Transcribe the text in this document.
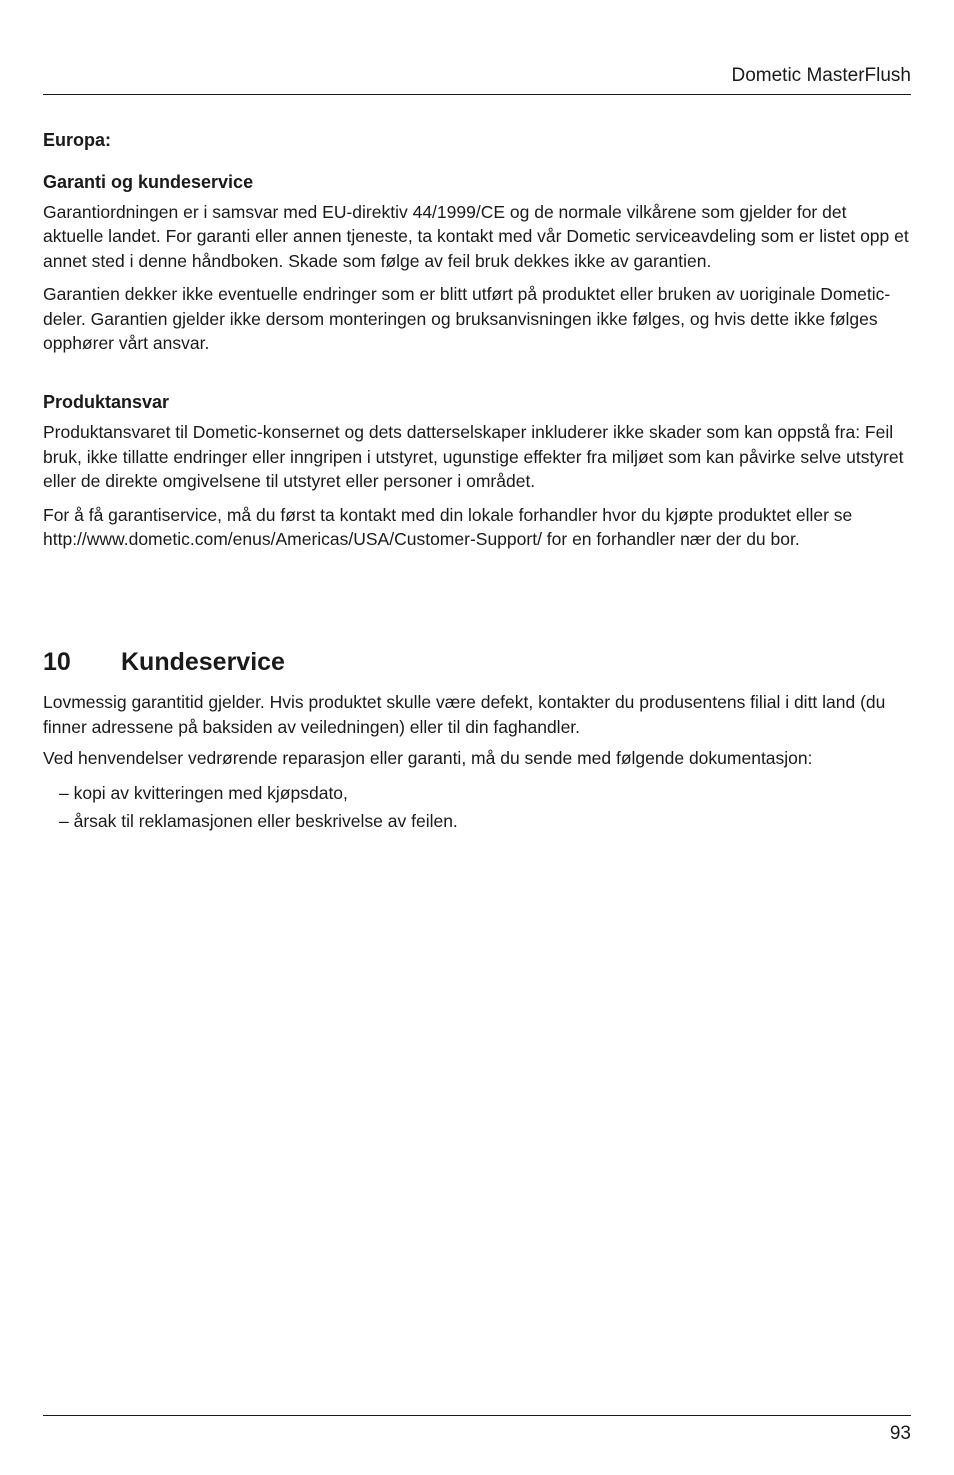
Dometic MasterFlush
Europa:
Garanti og kundeservice

Garantiordningen er i samsvar med EU-direktiv 44/1999/CE og de normale vilkårene som gjelder for det aktuelle landet. For garanti eller annen tjeneste, ta kontakt med vår Dometic serviceavdeling som er listet opp et annet sted i denne håndboken. Skade som følge av feil bruk dekkes ikke av garantien.

Garantien dekker ikke eventuelle endringer som er blitt utført på produktet eller bruken av uoriginale Dometic-deler. Garantien gjelder ikke dersom monteringen og bruksanvisningen ikke følges, og hvis dette ikke følges opphører vårt ansvar.

Produktansvar

Produktansvaret til Dometic-konsernet og dets datterselskaper inkluderer ikke skader som kan oppstå fra: Feil bruk, ikke tillatte endringer eller inngripen i utstyret, ugunstige effekter fra miljøet som kan påvirke selve utstyret eller de direkte omgivelsene til utstyret eller personer i området.

For å få garantiservice, må du først ta kontakt med din lokale forhandler hvor du kjøpte produktet eller se http://www.dometic.com/enus/Americas/USA/Customer-Support/ for en forhandler nær der du bor.

10	Kundeservice

Lovmessig garantitid gjelder. Hvis produktet skulle være defekt, kontakter du produsentens filial i ditt land (du finner adressene på baksiden av veiledningen) eller til din faghandler.

Ved henvendelser vedrørende reparasjon eller garanti, må du sende med følgende dokumentasjon:

– kopi av kvitteringen med kjøpsdato,
– årsak til reklamasjonen eller beskrivelse av feilen.
93
